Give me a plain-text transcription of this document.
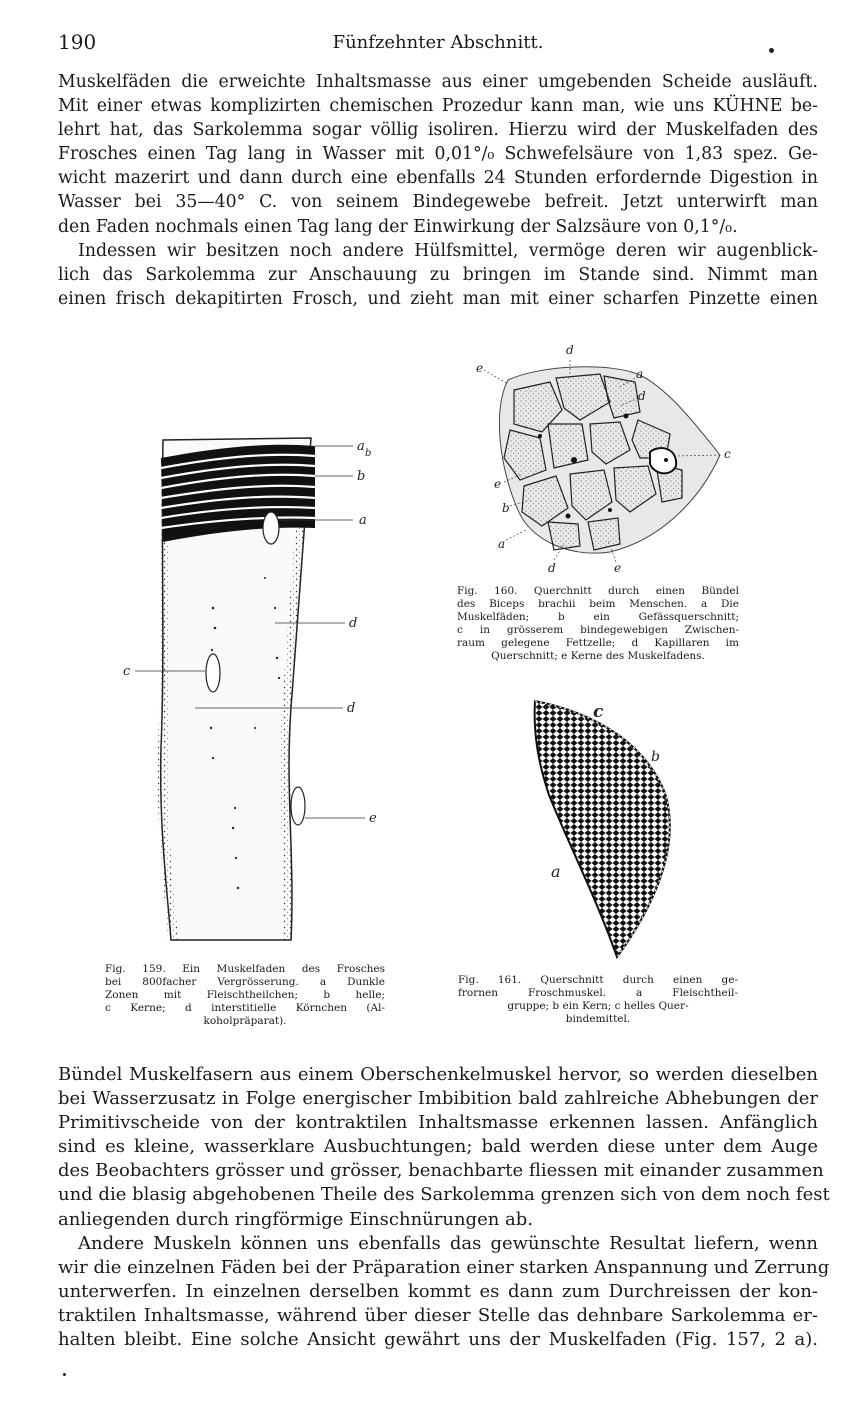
190	Fünfzehnter Abschnitt.
Muskelfäden die erweichte Inhaltsmasse aus einer umgebenden Scheide ausläuft.
Mit einer etwas komplizirten chemischen Prozedur kann man, wie uns KÜHNE be-
lehrt hat, das Sarkolemma sogar völlig isoliren. Hierzu wird der Muskelfaden des
Frosches einen Tag lang in Wasser mit 0,01°/₀ Schwefelsäure von 1,83 spez. Ge-
wicht mazerirt und dann durch eine ebenfalls 24 Stunden erfordernde Digestion in
Wasser bei 35—40° C. von seinem Bindegewebe befreit. Jetzt unterwirft man
den Faden nochmals einen Tag lang der Einwirkung der Salzsäure von 0,1°/₀.
Indessen wir besitzen noch andere Hülfsmittel, vermöge deren wir augenblick-
lich das Sarkolemma zur Anschauung zu bringen im Stande sind. Nimmt man
einen frisch dekapitirten Frosch, und zieht man mit einer scharfen Pinzette einen
a b
b
a
d
c
d
e

Fig. 159. Ein Muskelfaden des Frosches
bei 800facher Vergrösserung. a Dunkle
Zonen mit Fleischtheilchen; b helle;
c Kerne; d interstitielle Körnchen (Al-
koholpräparat).

d
e	a
d
c
e
b
a
d	e

Fig. 160. Querchnitt durch einen Bündel
des Biceps brachii beim Menschen. a Die
Muskelfäden; b ein Gefässquerschnitt;
c in grösserem bindegewebigen Zwischen-
raum gelegene Fettzelle; d Kapillaren im
Querschnitt; e Kerne des Muskelfadens.

c
b
a

Fig. 161. Querschnitt durch einen ge-
frornen Froschmuskel. a Fleischtheil-
gruppe; b ein Kern; c helles Quer-
bindemittel.

Bündel Muskelfasern aus einem Oberschenkelmuskel hervor, so werden dieselben
bei Wasserzusatz in Folge energischer Imbibition bald zahlreiche Abhebungen der
Primitivscheide von der kontraktilen Inhaltsmasse erkennen lassen. Anfänglich
sind es kleine, wasserklare Ausbuchtungen; bald werden diese unter dem Auge
des Beobachters grösser und grösser, benachbarte fliessen mit einander zusammen
und die blasig abgehobenen Theile des Sarkolemma grenzen sich von dem noch fest
anliegenden durch ringförmige Einschnürungen ab.
Andere Muskeln können uns ebenfalls das gewünschte Resultat liefern, wenn
wir die einzelnen Fäden bei der Präparation einer starken Anspannung und Zerrung
unterwerfen. In einzelnen derselben kommt es dann zum Durchreissen der kon-
traktilen Inhaltsmasse, während über dieser Stelle das dehnbare Sarkolemma er-
halten bleibt. Eine solche Ansicht gewährt uns der Muskelfaden (Fig. 157, 2 a).
